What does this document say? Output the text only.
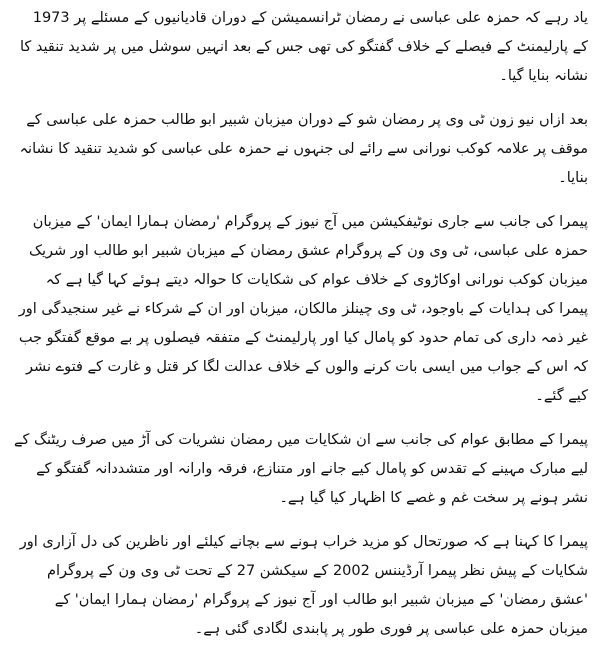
یاد رہے کہ حمزہ علی عباسی نے رمضان ٹرانسمیشن کے دوران قادیانیوں کے مسئلے پر 1973 کے پارلیمنٹ کے فیصلے کے خلاف گفتگو کی تھی جس کے بعد انہیں سوشل میں پر شدید تنقید کا نشانہ بنایا گیا۔

بعد ازاں نیو زون ٹی وی پر رمضان شو کے دوران میزبان شبیر ابو طالب حمزہ علی عباسی کے موقف پر علامہ کوکب نورانی سے رائے لی جنہوں نے حمزہ علی عباسی کو شدید تنقید کا نشانہ بنایا۔

پیمرا کی جانب سے جاری نوٹیفکیشن میں آج نیوز کے پروگرام 'رمضان ہمارا ایمان' کے میزبان حمزہ علی عباسی، ٹی وی ون کے پروگرام عشق رمضان کے میزبان شبیر ابو طالب اور شریک میزبان کوکب نورانی اوکاڑوی کے خلاف عوام کی شکایات کا حوالہ دیتے ہوئے کہا گیا ہے کہ پیمرا کی ہدایات کے باوجود، ٹی وی چینلز مالکان، میزبان اور ان کے شرکاء نے غیر سنجیدگی اور غیر ذمہ داری کی تمام حدود کو پامال کیا اور پارلیمنٹ کے متفقہ فیصلوں پر بے موقع گفتگو جب کہ اس کے جواب میں ایسی بات کرنے والوں کے خلاف عدالت لگا کر قتل و غارت کے فتوے نشر کیے گئے۔

پیمرا کے مطابق عوام کی جانب سے ان شکایات میں رمضان نشریات کی آڑ میں صرف ریٹنگ کے لیے مبارک مہینے کے تقدس کو پامال کیے جانے اور متنازع، فرقہ وارانہ اور متشددانہ گفتگو کے نشر ہونے پر سخت غم و غصے کا اظہار کیا گیا ہے۔

پیمرا کا کہنا ہے کہ صورتحال کو مزید خراب ہونے سے بچانے کیلئے اور ناظرین کی دل آزاری اور شکایات کے پیش نظر پیمرا آرڈیننس 2002 کے سیکشن 27 کے تحت ٹی وی ون کے پروگرام 'عشق رمضان' کے میزبان شبیر ابو طالب اور آج نیوز کے پروگرام 'رمضان ہمارا ایمان' کے میزبان حمزہ علی عباسی پر فوری طور پر پابندی لگادی گئی ہے۔
